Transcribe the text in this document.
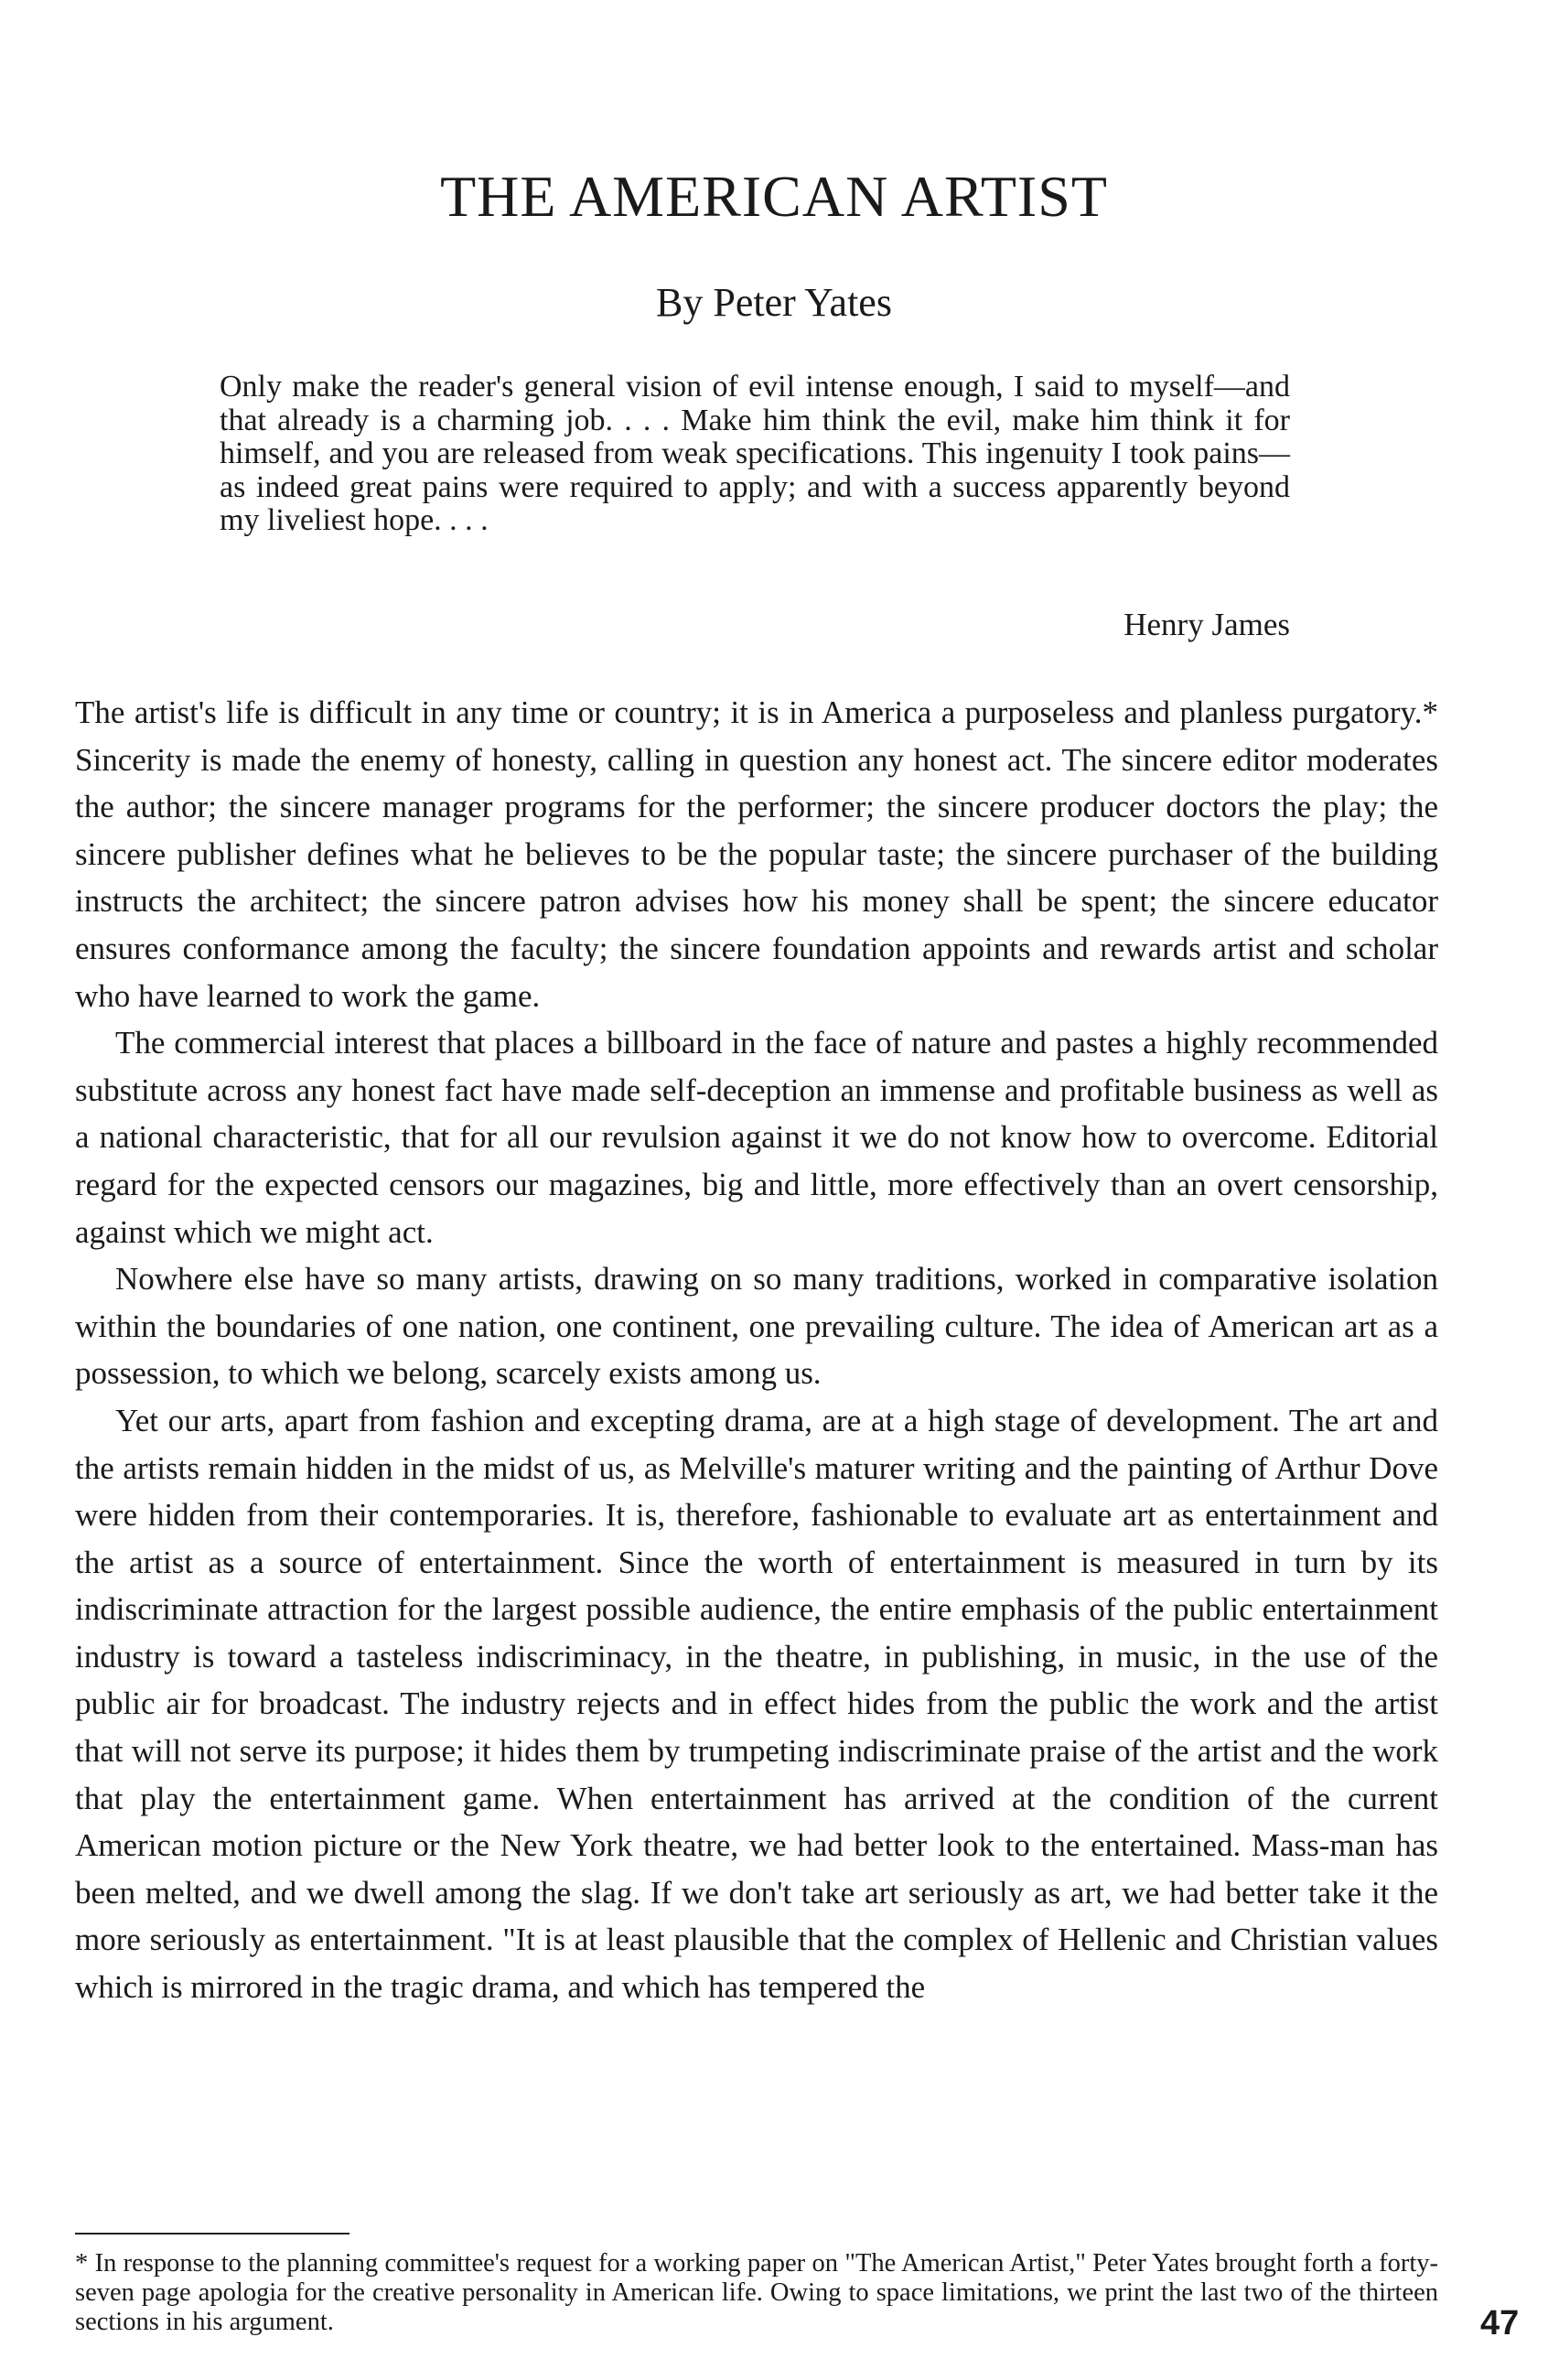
THE AMERICAN ARTIST
By Peter Yates

Only make the reader's general vision of evil intense enough, I said to myself—and that already is a charming job. . . . Make him think the evil, make him think it for himself, and you are released from weak specifications. This ingenuity I took pains—as indeed great pains were required to apply; and with a success apparently beyond my liveliest hope. . . .

Henry James

The artist's life is difficult in any time or country; it is in America a purposeless and planless purgatory.* Sincerity is made the enemy of honesty, calling in question any honest act. The sincere editor moderates the author; the sincere manager programs for the performer; the sincere producer doctors the play; the sincere publisher defines what he believes to be the popular taste; the sincere purchaser of the building instructs the architect; the sincere patron advises how his money shall be spent; the sincere educator ensures conformance among the faculty; the sincere foundation appoints and rewards artist and scholar who have learned to work the game.

The commercial interest that places a billboard in the face of nature and pastes a highly recommended substitute across any honest fact have made self-deception an immense and profitable business as well as a national characteristic, that for all our revulsion against it we do not know how to overcome. Editorial regard for the expected censors our magazines, big and little, more effectively than an overt censorship, against which we might act.

Nowhere else have so many artists, drawing on so many traditions, worked in comparative isolation within the boundaries of one nation, one continent, one prevailing culture. The idea of American art as a possession, to which we belong, scarcely exists among us.

Yet our arts, apart from fashion and excepting drama, are at a high stage of development. The art and the artists remain hidden in the midst of us, as Melville's maturer writing and the painting of Arthur Dove were hidden from their contemporaries. It is, therefore, fashionable to evaluate art as entertainment and the artist as a source of entertainment. Since the worth of entertainment is measured in turn by its indiscriminate attraction for the largest possible audience, the entire emphasis of the public entertainment industry is toward a tasteless indiscriminacy, in the theatre, in publishing, in music, in the use of the public air for broadcast. The industry rejects and in effect hides from the public the work and the artist that will not serve its purpose; it hides them by trumpeting indiscriminate praise of the artist and the work that play the entertainment game. When entertainment has arrived at the condition of the current American motion picture or the New York theatre, we had better look to the entertained. Mass-man has been melted, and we dwell among the slag. If we don't take art seriously as art, we had better take it the more seriously as entertainment. "It is at least plausible that the complex of Hellenic and Christian values which is mirrored in the tragic drama, and which has tempered the

* In response to the planning committee's request for a working paper on "The American Artist," Peter Yates brought forth a forty-seven page apologia for the creative personality in American life. Owing to space limitations, we print the last two of the thirteen sections in his argument.	47
